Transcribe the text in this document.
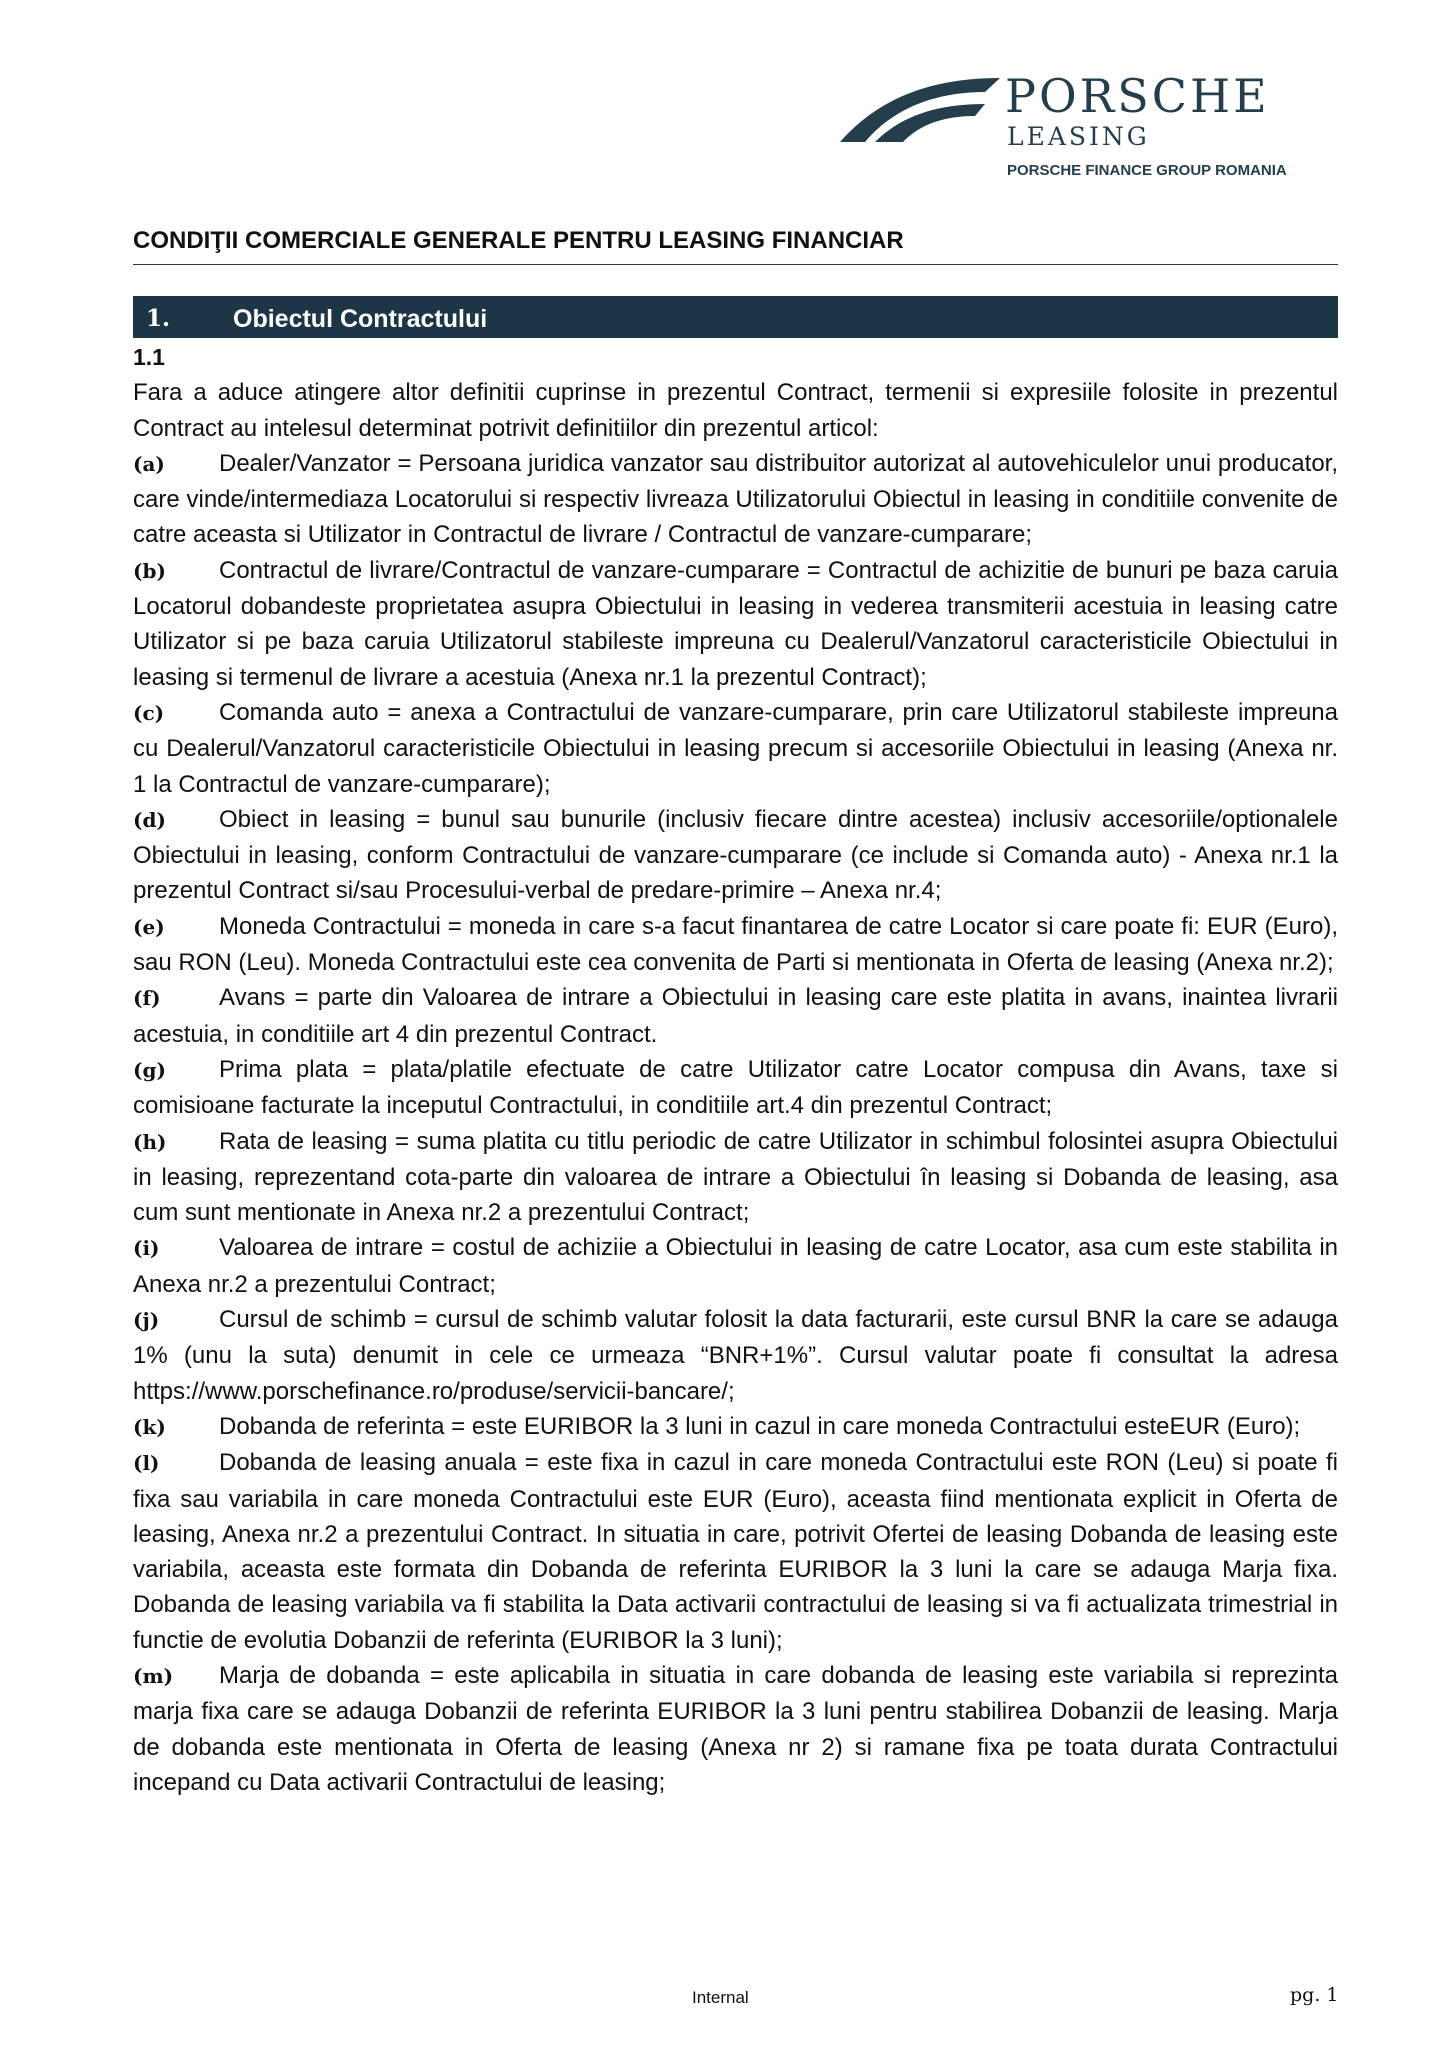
PORSCHE
LEASING
PORSCHE FINANCE GROUP ROMANIA
CONDIŢII COMERCIALE GENERALE PENTRU LEASING FINANCIAR
1.	Obiectul Contractului

1.1

Fara a aduce atingere altor definitii cuprinse in prezentul Contract, termenii si expresiile folosite in prezentul Contract au intelesul determinat potrivit definitiilor din prezentul articol:

(a) Dealer/Vanzator = Persoana juridica vanzator sau distribuitor autorizat al autovehiculelor unui producator, care vinde/intermediaza Locatorului si respectiv livreaza Utilizatorului Obiectul in leasing in conditiile convenite de catre aceasta si Utilizator in Contractul de livrare / Contractul de vanzare-cumparare;

(b) Contractul de livrare/Contractul de vanzare-cumparare = Contractul de achizitie de bunuri pe baza caruia Locatorul dobandeste proprietatea asupra Obiectului in leasing in vederea transmiterii acestuia in leasing catre Utilizator si pe baza caruia Utilizatorul stabileste impreuna cu Dealerul/Vanzatorul caracteristicile Obiectului in leasing si termenul de livrare a acestuia (Anexa nr.1 la prezentul Contract);

(c) Comanda auto = anexa a Contractului de vanzare-cumparare, prin care Utilizatorul stabileste impreuna cu Dealerul/Vanzatorul caracteristicile Obiectului in leasing precum si accesoriile Obiectului in leasing (Anexa nr. 1 la Contractul de vanzare-cumparare);

(d) Obiect in leasing = bunul sau bunurile (inclusiv fiecare dintre acestea) inclusiv accesoriile/optionalele Obiectului in leasing, conform Contractului de vanzare-cumparare (ce include si Comanda auto) - Anexa nr.1 la prezentul Contract si/sau Procesului-verbal de predare-primire – Anexa nr.4;

(e) Moneda Contractului = moneda in care s-a facut finantarea de catre Locator si care poate fi: EUR (Euro), sau RON (Leu). Moneda Contractului este cea convenita de Parti si mentionata in Oferta de leasing (Anexa nr.2);

(f) Avans = parte din Valoarea de intrare a Obiectului in leasing care este platita in avans, inaintea livrarii acestuia, in conditiile art 4 din prezentul Contract.

(g) Prima plata = plata/platile efectuate de catre Utilizator catre Locator compusa din Avans, taxe si comisioane facturate la inceputul Contractului, in conditiile art.4 din prezentul Contract;

(h) Rata de leasing = suma platita cu titlu periodic de catre Utilizator in schimbul folosintei asupra Obiectului in leasing, reprezentand cota-parte din valoarea de intrare a Obiectului în leasing si Dobanda de leasing, asa cum sunt mentionate in Anexa nr.2 a prezentului Contract;

(i) Valoarea de intrare = costul de achiziie a Obiectului in leasing de catre Locator, asa cum este stabilita in Anexa nr.2 a prezentului Contract;

(j) Cursul de schimb = cursul de schimb valutar folosit la data facturarii, este cursul BNR la care se adauga 1% (unu la suta) denumit in cele ce urmeaza “BNR+1%”. Cursul valutar poate fi consultat la adresa https://www.porschefinance.ro/produse/servicii-bancare/;

(k) Dobanda de referinta = este EURIBOR la 3 luni in cazul in care moneda Contractului esteEUR (Euro);

(l) Dobanda de leasing anuala = este fixa in cazul in care moneda Contractului este RON (Leu) si poate fi fixa sau variabila in care moneda Contractului este EUR (Euro), aceasta fiind mentionata explicit in Oferta de leasing, Anexa nr.2 a prezentului Contract. In situatia in care, potrivit Ofertei de leasing Dobanda de leasing este variabila, aceasta este formata din Dobanda de referinta EURIBOR la 3 luni la care se adauga Marja fixa. Dobanda de leasing variabila va fi stabilita la Data activarii contractului de leasing si va fi actualizata trimestrial in functie de evolutia Dobanzii de referinta (EURIBOR la 3 luni);

(m) Marja de dobanda = este aplicabila in situatia in care dobanda de leasing este variabila si reprezinta marja fixa care se adauga Dobanzii de referinta EURIBOR la 3 luni pentru stabilirea Dobanzii de leasing. Marja de dobanda este mentionata in Oferta de leasing (Anexa nr 2) si ramane fixa pe toata durata Contractului incepand cu Data activarii Contractului de leasing;

Internal	pg. 1
